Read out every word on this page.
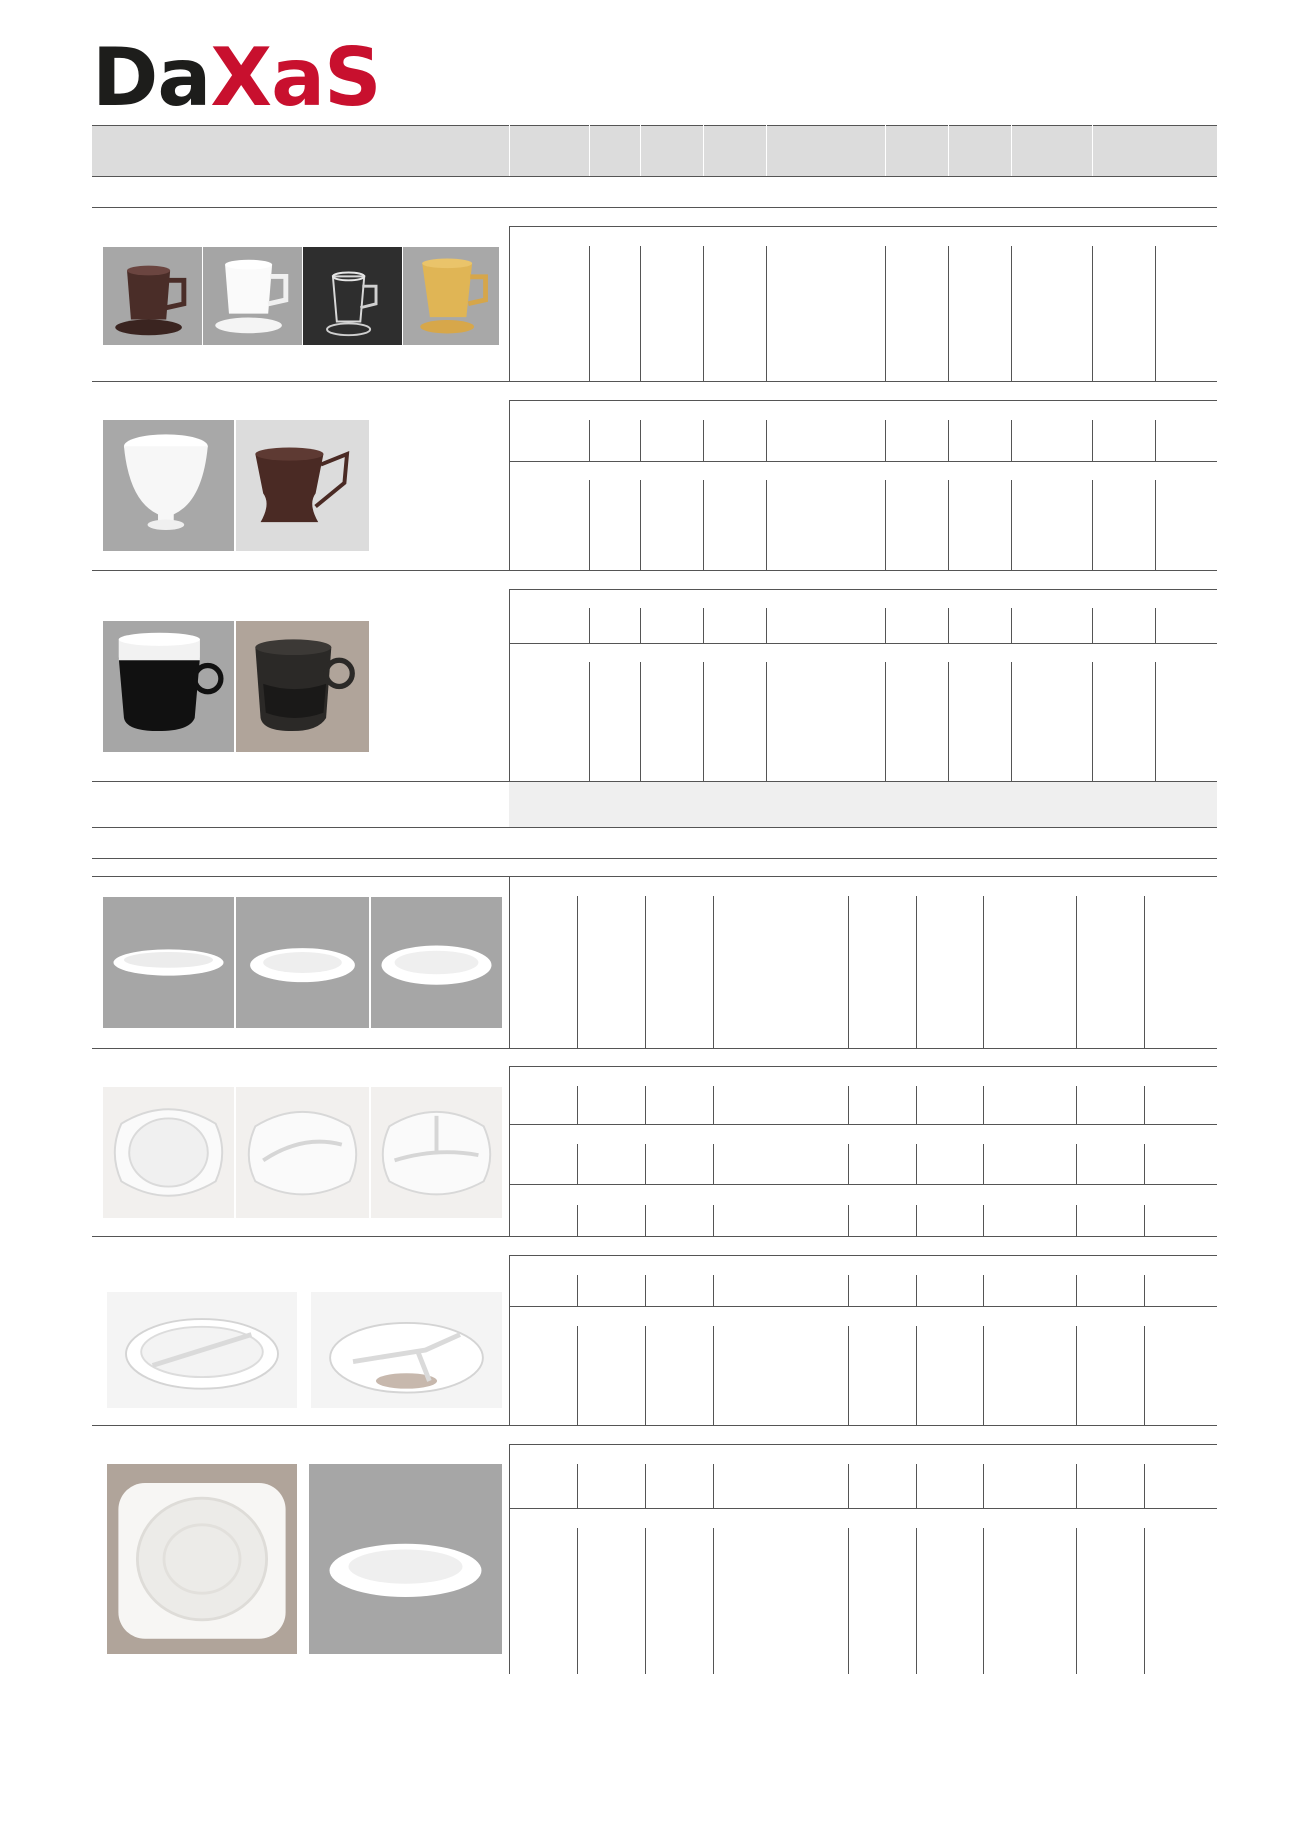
DaXaS
